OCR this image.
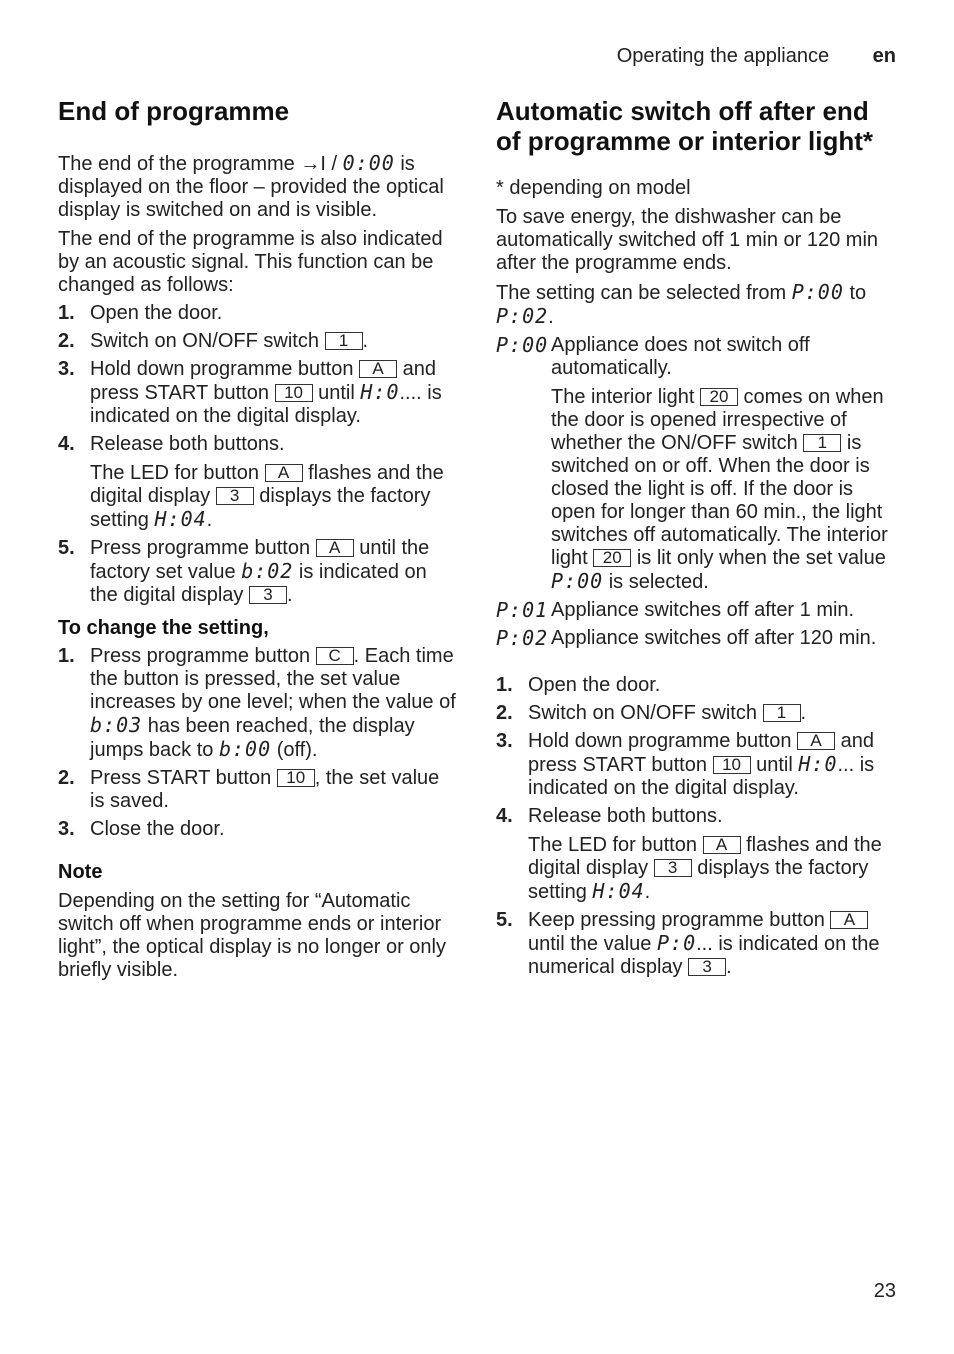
Operating the appliance en
End of programme

The end of the programme →I / 0:00 is displayed on the floor – provided the optical display is switched on and is visible.

The end of the programme is also indicated by an acoustic signal. This function can be changed as follows:

1. Open the door.
2. Switch on ON/OFF switch 1 .
3. Hold down programme button A and press START button 10 until H:0.... is indicated on the digital display.
4. Release both buttons.

The LED for button A flashes and the digital display 3 displays the factory setting H:04.

5. Press programme button A until the factory set value b:02 is indicated on the digital display 3 .
To change the setting,
1. Press programme button C . Each time the button is pressed, the set value increases by one level; when the value of b:03 has been reached, the display jumps back to b:00 (off).
2. Press START button 10 , the set value is saved.
3. Close the door.
Note

Depending on the setting for “Automatic switch off when programme ends or interior light”, the optical display is no longer or only briefly visible.

Automatic switch off after end of programme or interior light*

* depending on model

To save energy, the dishwasher can be automatically switched off 1 min or 120 min after the programme ends.

The setting can be selected from P:00 to P:02.

P:00 Appliance does not switch off automatically.

The interior light 20 comes on when the door is opened irrespective of whether the ON/OFF switch 1 is switched on or off. When the door is closed the light is off. If the door is open for longer than 60 min., the light switches off automatically. The interior light 20 is lit only when the set value P:00 is selected.

P:01 Appliance switches off after 1 min.
P:02 Appliance switches off after 120 min.
1. Open the door.
2. Switch on ON/OFF switch 1 .
3. Hold down programme button A and press START button 10 until H:0... is indicated on the digital display.
4. Release both buttons.

The LED for button A flashes and the digital display 3 displays the factory setting H:04.

5. Keep pressing programme button A until the value P:0... is indicated on the numerical display 3 .
23
